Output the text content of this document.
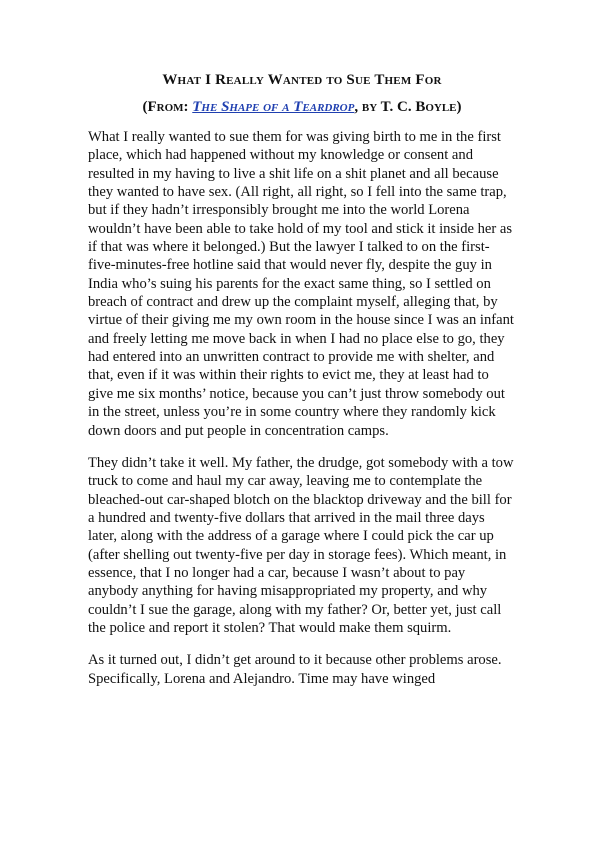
What I Really Wanted to Sue Them For
(From: The Shape of a Teardrop, by T. C. Boyle)

What I really wanted to sue them for was giving birth to me in the first place, which had happened without my knowledge or consent and resulted in my having to live a shit life on a shit planet and all because they wanted to have sex. (All right, all right, so I fell into the same trap, but if they hadn’t irresponsibly brought me into the world Lorena wouldn’t have been able to take hold of my tool and stick it inside her as if that was where it belonged.) But the lawyer I talked to on the first-five-minutes-free hotline said that would never fly, despite the guy in India who’s suing his parents for the exact same thing, so I settled on breach of contract and drew up the complaint myself, alleging that, by virtue of their giving me my own room in the house since I was an infant and freely letting me move back in when I had no place else to go, they had entered into an unwritten contract to provide me with shelter, and that, even if it was within their rights to evict me, they at least had to give me six months’ notice, because you can’t just throw somebody out in the street, unless you’re in some country where they randomly kick down doors and put people in concentration camps.

They didn’t take it well. My father, the drudge, got somebody with a tow truck to come and haul my car away, leaving me to contemplate the bleached-out car-shaped blotch on the blacktop driveway and the bill for a hundred and twenty-five dollars that arrived in the mail three days later, along with the address of a garage where I could pick the car up (after shelling out twenty-five per day in storage fees). Which meant, in essence, that I no longer had a car, because I wasn’t about to pay anybody anything for having misappropriated my property, and why couldn’t I sue the garage, along with my father? Or, better yet, just call the police and report it stolen? That would make them squirm.

As it turned out, I didn’t get around to it because other problems arose. Specifically, Lorena and Alejandro. Time may have winged
